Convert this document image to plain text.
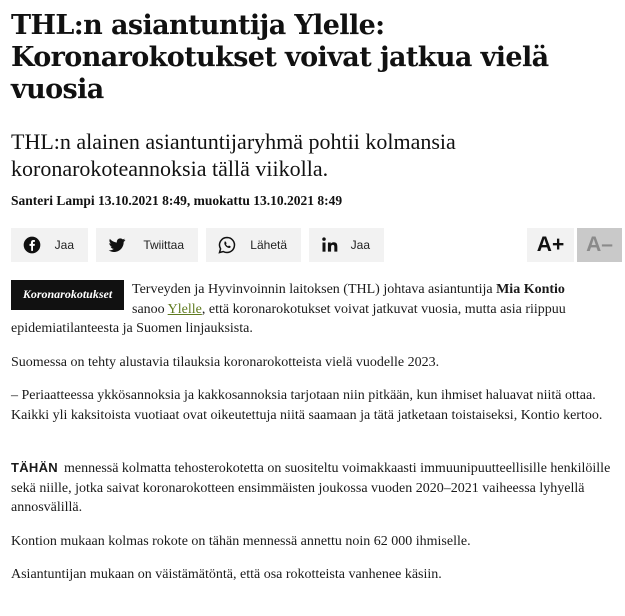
THL:n asiantuntija Ylelle: Koronarokotukset voivat jatkua vielä vuosia

THL:n alainen asiantuntijaryhmä pohtii kolmansia koronarokoteannoksia tällä viikolla.

Santeri Lampi 13.10.2021 8:49, muokattu 13.10.2021 8:49
Jaa	Twiittaa	Lähetä	Jaa	A+	A–
Koronarokotukset	Terveyden ja Hyvinvoinnin laitoksen (THL) johtava asiantuntija Mia Kontio

sanoo Ylelle, että koronarokotukset voivat jatkuvat vuosia, mutta asia riippuu

epidemiatilanteesta ja Suomen linjauksista.

Suomessa on tehty alustavia tilauksia koronarokotteista vielä vuodelle 2023.

– Periaatteessa ykkösannoksia ja kakkosannoksia tarjotaan niin pitkään, kun ihmiset haluavat niitä ottaa. Kaikki yli kaksitoista vuotiaat ovat oikeutettuja niitä saamaan ja tätä jatketaan toistaiseksi, Kontio kertoo.

TÄHÄN mennessä kolmatta tehosterokotetta on suositeltu voimakkaasti immuunipuutteellisille henkilöille sekä niille, jotka saivat koronarokotteen ensimmäisten joukossa vuoden 2020–2021 vaiheessa lyhyellä annosvälillä.

Kontion mukaan kolmas rokote on tähän mennessä annettu noin 62 000 ihmiselle.

Asiantuntijan mukaan on väistämätöntä, että osa rokotteista vanhenee käsiin.
